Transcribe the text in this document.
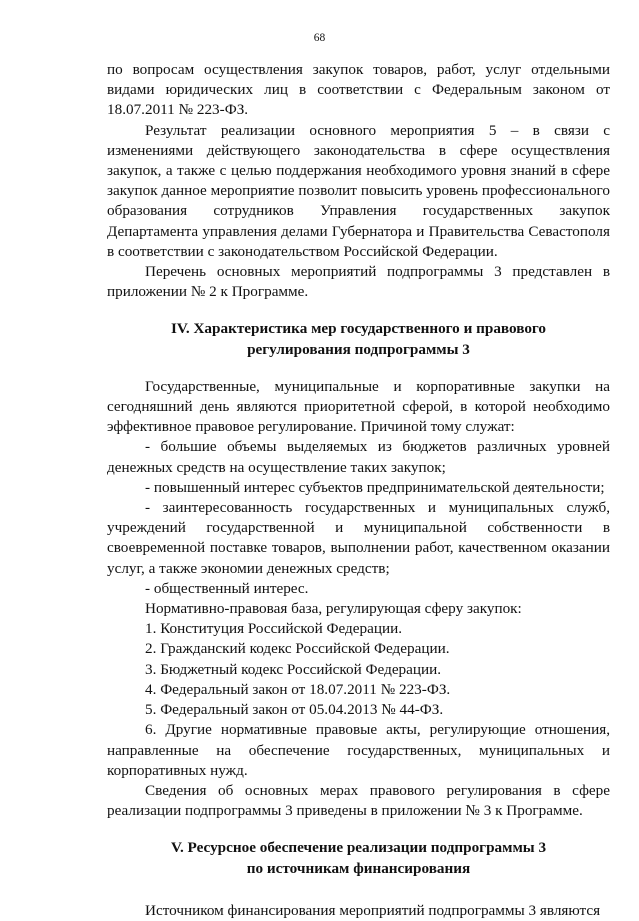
68

по вопросам осуществления закупок товаров, работ, услуг отдельными видами юридических лиц в соответствии с Федеральным законом от 18.07.2011 № 223-ФЗ.

Результат реализации основного мероприятия 5 – в связи с изменениями действующего законодательства в сфере осуществления закупок, а также с целью поддержания необходимого уровня знаний в сфере закупок данное мероприятие позволит повысить уровень профессионального образования сотрудников Управления государственных закупок Департамента управления делами Губернатора и Правительства Севастополя в соответствии с законодательством Российской Федерации.

Перечень основных мероприятий подпрограммы 3 представлен в приложении № 2 к Программе.

IV. Характеристика мер государственного и правового
регулирования подпрограммы 3

Государственные, муниципальные и корпоративные закупки на сегодняшний день являются приоритетной сферой, в которой необходимо эффективное правовое регулирование. Причиной тому служат:

- большие объемы выделяемых из бюджетов различных уровней денежных средств на осуществление таких закупок;

- повышенный интерес субъектов предпринимательской деятельности;

- заинтересованность государственных и муниципальных служб, учреждений государственной и муниципальной собственности в своевременной поставке товаров, выполнении работ, качественном оказании услуг, а также экономии денежных средств;

- общественный интерес.

Нормативно-правовая база, регулирующая сферу закупок:

1. Конституция Российской Федерации.

2. Гражданский кодекс Российской Федерации.

3. Бюджетный кодекс Российской Федерации.

4. Федеральный закон от 18.07.2011 № 223-ФЗ.

5. Федеральный закон от 05.04.2013 № 44-ФЗ.

6. Другие нормативные правовые акты, регулирующие отношения, направленные на обеспечение государственных, муниципальных и корпоративных нужд.

Сведения об основных мерах правового регулирования в сфере реализации подпрограммы 3 приведены в приложении № 3 к Программе.

V. Ресурсное обеспечение реализации подпрограммы 3
по источникам финансирования

Источником финансирования мероприятий подпрограммы 3 являются
